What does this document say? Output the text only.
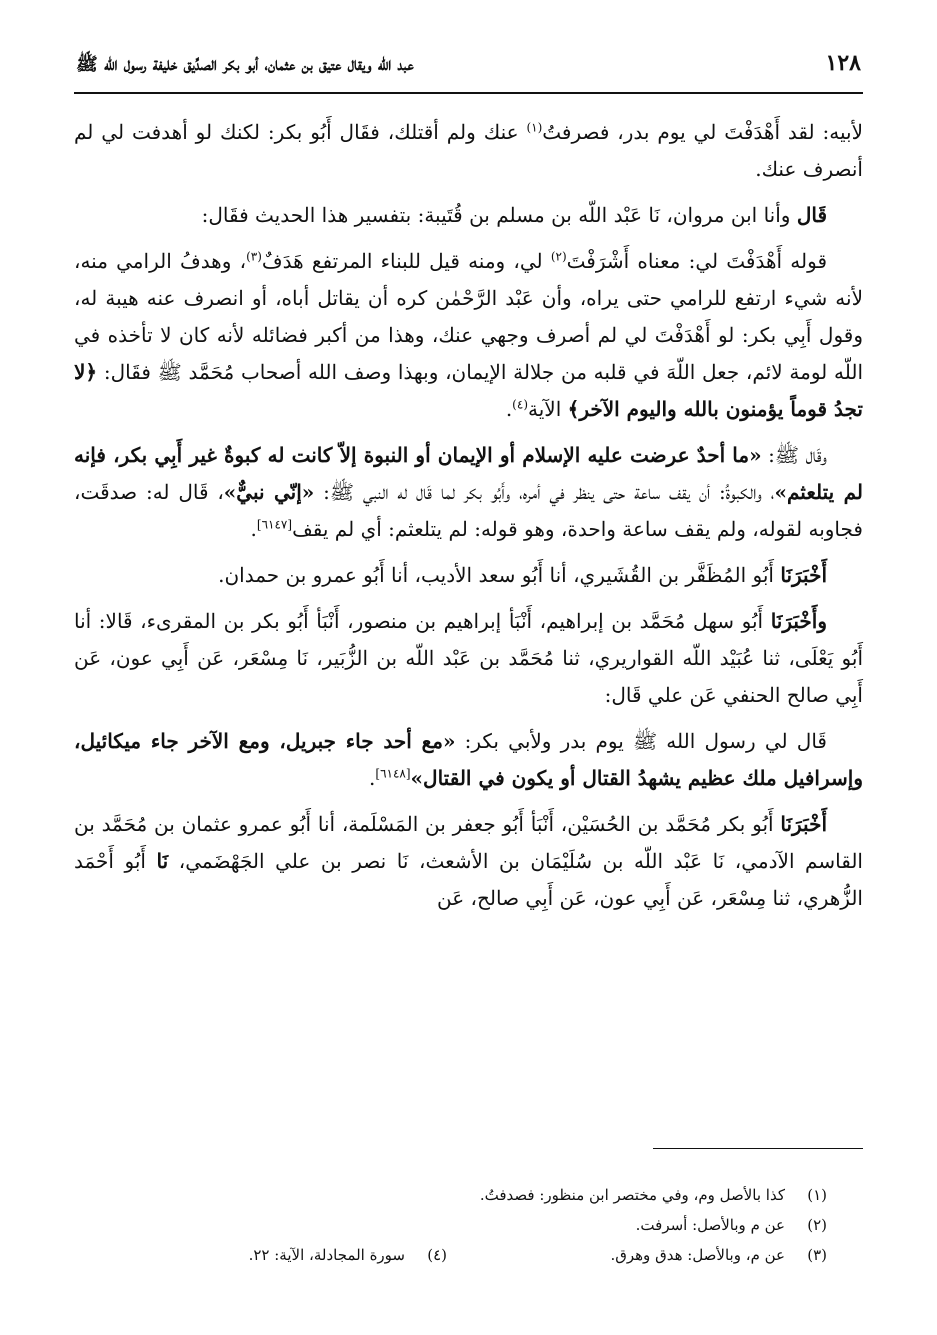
١٢٨
عبد اللّه ويقال عتيق بن عثمان، أبو بكر الصدِّيق خليفة رسول الله ﷺ

لأبيه: لقد أَهْدَفْتَ لي يوم بدر، فصرفتُ$^{(١)}$ عنك ولم أقتلك، فقَال أَبُو بكر: لكنك لو أهدفت لي لم أنصرف عنك.

قَال وأنا ابن مروان، نَا عَبْد اللّه بن مسلم بن قُتَيبة: بتفسير هذا الحديث فقَال:

قوله أَهْدَفْتَ لي: معناه أَشْرَفْتَ$^{(٢)}$ لي، ومنه قيل للبناء المرتفع هَدَفٌ$^{(٣)}$، وهدفُ الرامي منه، لأنه شيء ارتفع للرامي حتى يراه، وأن عَبْد الرَّحْمٰن كره أن يقاتل أباه، أو انصرف عنه هيبة له، وقول أَبِي بكر: لو أَهْدَفْتَ لي لم أصرف وجهي عنك، وهذا من أكبر فضائله لأنه كان لا تأخذه في اللّه لومة لائم، جعل اللّهَ في قلبه من جلالة الإيمان، وبهذا وصف الله أصحاب مُحَمَّد ﷺ فقَال: ﴿لا تجدُ قوماً يؤمنون بالله واليوم الآخر﴾ الآية$^{(٤)}$.

وقَال ﷺ: «ما أحدٌ عرضت عليه الإسلام أو الإيمان أو النبوة إلاّ كانت له كبوةٌ غير أَبِي بكر، فإنه لم يتلعثم»، والكبوةُ: أن يقف ساعة حتى ينظر في أمره، وأَبُو بكر لما قَال له النبي ﷺ: «إنّي نبيٌّ»، قَال له: صدقَت، فجاوبه لقوله، ولم يقف ساعة واحدة، وهو قوله: لم يتلعثم: أي لم يقف[٦١٤٧].

أَخْبَرَنَا أَبُو المُظَفَّر بن القُشَيري، أنا أَبُو سعد الأديب، أنا أَبُو عمرو بن حمدان.

وأَخْبَرَنَا أَبُو سهل مُحَمَّد بن إبراهيم، أَنْبَأ إبراهيم بن منصور، أَنْبَأ أَبُو بكر بن المقرىء، قَالا: أنا أَبُو يَعْلَى، ثنا عُبَيْد اللّه القواريري، ثنا مُحَمَّد بن عَبْد اللّه بن الزُّبَير، نَا مِسْعَر، عَن أَبِي عون، عَن أَبِي صالح الحنفي عَن علي قَال:

قَال لي رسول الله ﷺ يوم بدر ولأبي بكر: «مع أحد جاء جبريل، ومع الآخر جاء ميكائيل، وإسرافيل ملك عظيم يشهدُ القتال أو يكون في القتال»[٦١٤٨].

أَخْبَرَنَا أَبُو بكر مُحَمَّد بن الحُسَيْن، أَنْبَأ أَبُو جعفر بن المَسْلَمة، أنا أَبُو عمرو عثمان بن مُحَمَّد بن القاسم الآدمي، نَا عَبْد اللّه بن سُلَيْمَان بن الأشعث، نَا نصر بن علي الجَهْضَمي، نَا أَبُو أَحْمَد الزُّهري، ثنا مِسْعَر، عَن أَبِي عون، عَن أَبِي صالح، عَن

(١)
كذا بالأصل وم، وفي مختصر ابن منظور: فصدفتُ.
(٢)
عن م وبالأصل: أسرفت.
(٣)
عن م، وبالأصل: هدق وهرق.
(٤)
سورة المجادلة، الآية: ٢٢.
